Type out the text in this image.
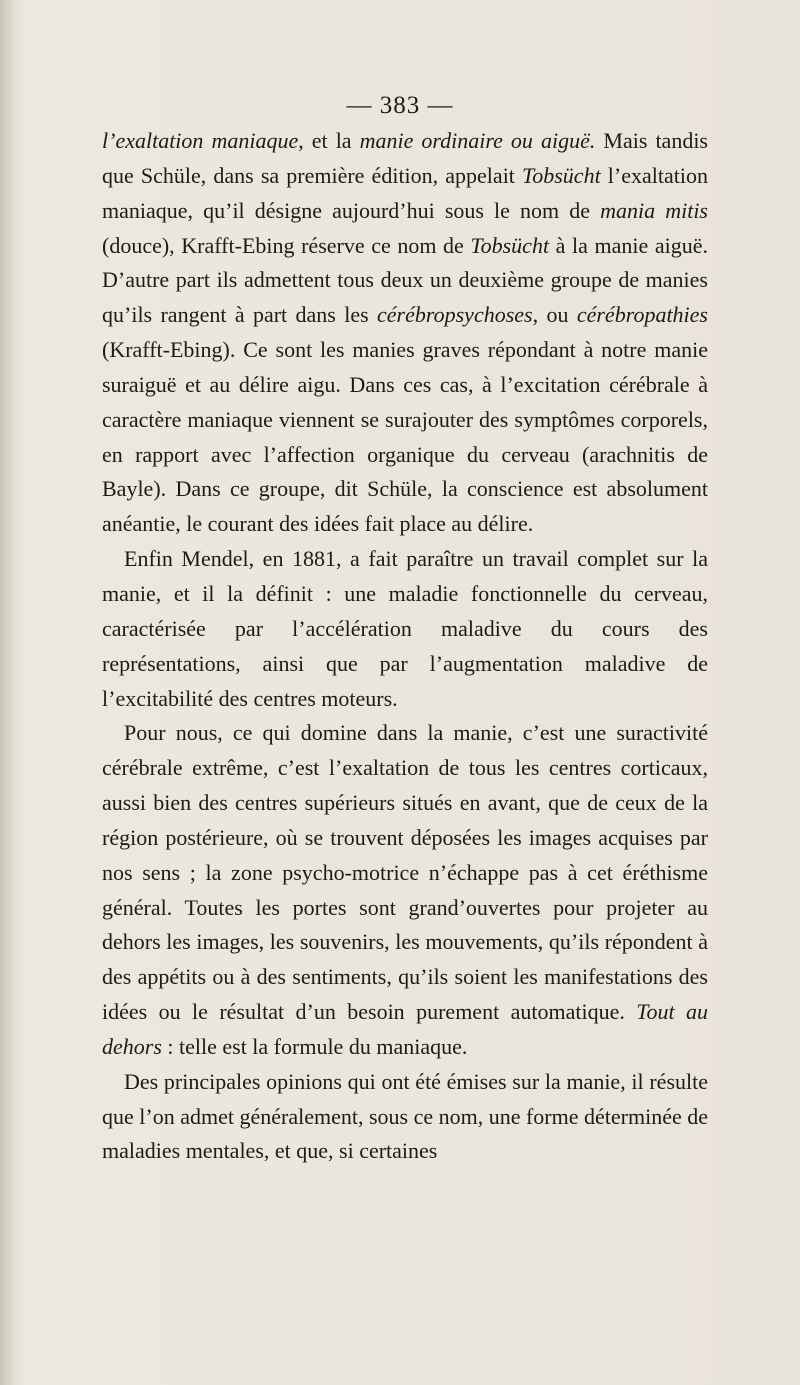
— 383 —

l’exaltation maniaque, et la manie ordinaire ou aiguë. Mais tandis que Schüle, dans sa première édition, appelait Tobsücht l’exaltation maniaque, qu’il désigne aujourd’hui sous le nom de mania mitis (douce), Krafft-Ebing réserve ce nom de Tobsücht à la manie aiguë. D’autre part ils admettent tous deux un deuxième groupe de manies qu’ils rangent à part dans les cérébropsychoses, ou cérébropathies (Krafft-Ebing). Ce sont les manies graves répondant à notre manie suraiguë et au délire aigu. Dans ces cas, à l’excitation cérébrale à caractère maniaque viennent se surajouter des symptômes corporels, en rapport avec l’affection organique du cerveau (arachnitis de Bayle). Dans ce groupe, dit Schüle, la conscience est absolument anéantie, le courant des idées fait place au délire.

Enfin Mendel, en 1881, a fait paraître un travail complet sur la manie, et il la définit : une maladie fonctionnelle du cerveau, caractérisée par l’accélération maladive du cours des représentations, ainsi que par l’augmentation maladive de l’excitabilité des centres moteurs.

Pour nous, ce qui domine dans la manie, c’est une suractivité cérébrale extrême, c’est l’exaltation de tous les centres corticaux, aussi bien des centres supérieurs situés en avant, que de ceux de la région postérieure, où se trouvent déposées les images acquises par nos sens ; la zone psycho-motrice n’échappe pas à cet éréthisme général. Toutes les portes sont grand’ouvertes pour projeter au dehors les images, les souvenirs, les mouvements, qu’ils répondent à des appétits ou à des sentiments, qu’ils soient les manifestations des idées ou le résultat d’un besoin purement automatique. Tout au dehors : telle est la formule du maniaque.

Des principales opinions qui ont été émises sur la manie, il résulte que l’on admet généralement, sous ce nom, une forme déterminée de maladies mentales, et que, si certaines
